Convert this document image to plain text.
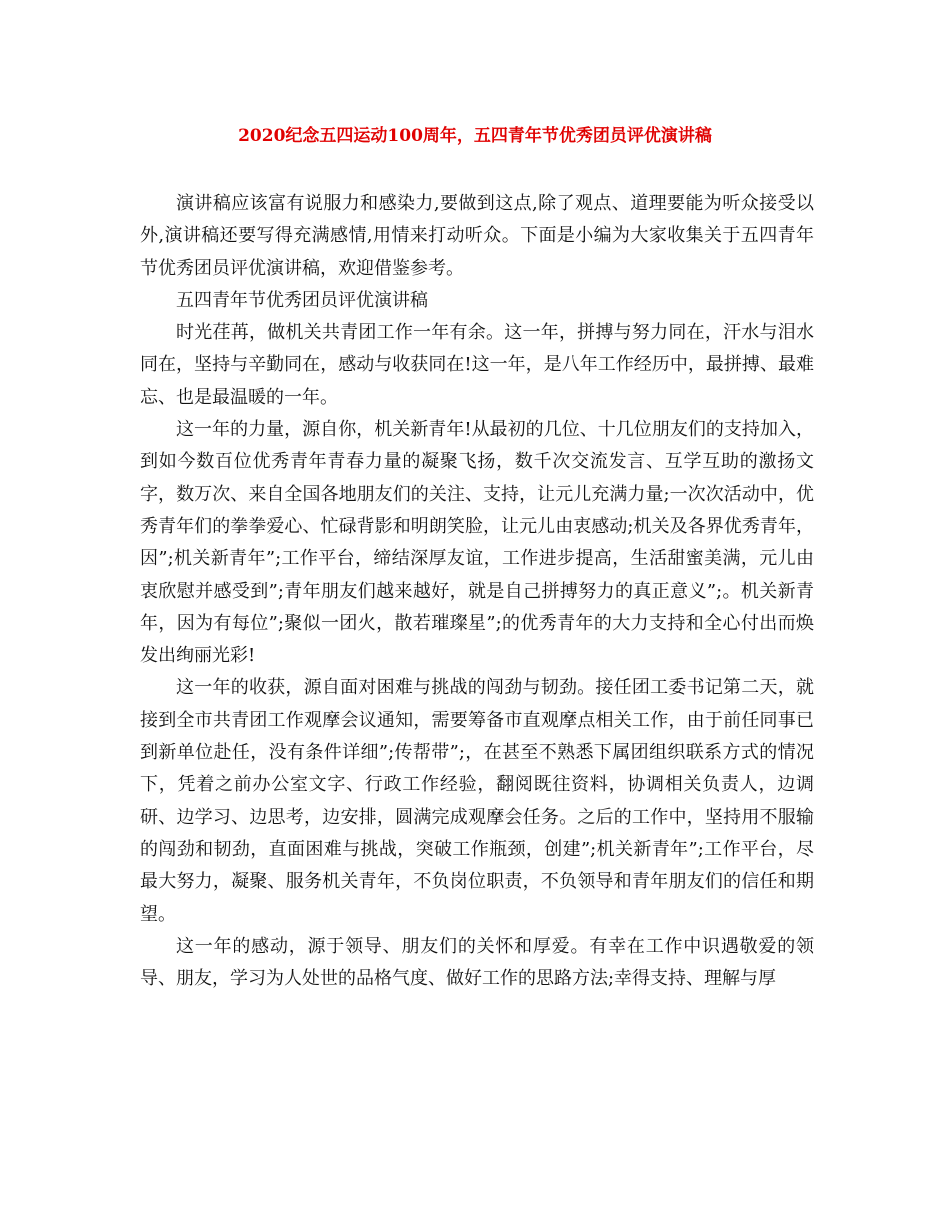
2020纪念五四运动100周年，五四青年节优秀团员评优演讲稿

演讲稿应该富有说服力和感染力,要做到这点,除了观点、道理要能为听众接受以外,演讲稿还要写得充满感情,用情来打动听众。下面是小编为大家收集关于五四青年节优秀团员评优演讲稿，欢迎借鉴参考。

五四青年节优秀团员评优演讲稿

时光荏苒，做机关共青团工作一年有余。这一年，拼搏与努力同在，汗水与泪水同在，坚持与辛勤同在，感动与收获同在!这一年，是八年工作经历中，最拼搏、最难忘、也是最温暖的一年。

这一年的力量，源自你，机关新青年!从最初的几位、十几位朋友们的支持加入，到如今数百位优秀青年青春力量的凝聚飞扬，数千次交流发言、互学互助的激扬文字，数万次、来自全国各地朋友们的关注、支持，让元儿充满力量;一次次活动中，优秀青年们的拳拳爱心、忙碌背影和明朗笑脸，让元儿由衷感动;机关及各界优秀青年，因”;机关新青年”;工作平台，缔结深厚友谊，工作进步提高，生活甜蜜美满，元儿由衷欣慰并感受到”;青年朋友们越来越好，就是自己拼搏努力的真正意义”;。机关新青年，因为有每位”;聚似一团火，散若璀璨星”;的优秀青年的大力支持和全心付出而焕发出绚丽光彩!

这一年的收获，源自面对困难与挑战的闯劲与韧劲。接任团工委书记第二天，就接到全市共青团工作观摩会议通知，需要筹备市直观摩点相关工作，由于前任同事已到新单位赴任，没有条件详细”;传帮带”;，在甚至不熟悉下属团组织联系方式的情况下，凭着之前办公室文字、行政工作经验，翻阅既往资料，协调相关负责人，边调研、边学习、边思考，边安排，圆满完成观摩会任务。之后的工作中，坚持用不服输的闯劲和韧劲，直面困难与挑战，突破工作瓶颈，创建”;机关新青年”;工作平台，尽最大努力，凝聚、服务机关青年，不负岗位职责，不负领导和青年朋友们的信任和期望。

这一年的感动，源于领导、朋友们的关怀和厚爱。有幸在工作中识遇敬爱的领导、朋友，学习为人处世的品格气度、做好工作的思路方法;幸得支持、理解与厚
